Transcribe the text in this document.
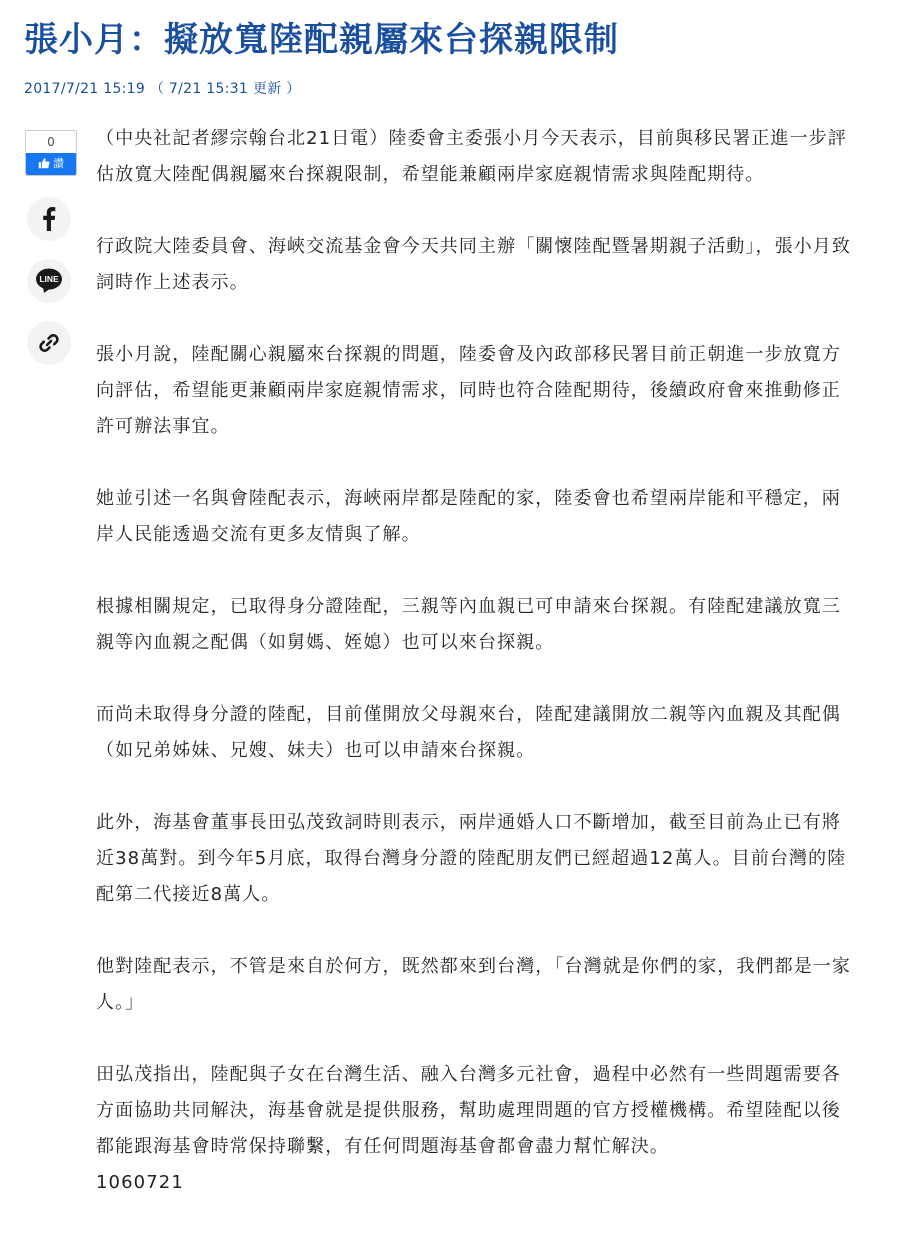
張小月：擬放寬陸配親屬來台探親限制
2017/7/21 15:19 （ 7/21 15:31 更新 ）
0
讚
LINE

（中央社記者繆宗翰台北21日電）陸委會主委張小月今天表示，目前與移民署正進一步評估放寬大陸配偶親屬來台探親限制，希望能兼顧兩岸家庭親情需求與陸配期待。

行政院大陸委員會、海峽交流基金會今天共同主辦「關懷陸配暨暑期親子活動」，張小月致詞時作上述表示。

張小月說，陸配關心親屬來台探親的問題，陸委會及內政部移民署目前正朝進一步放寬方向評估，希望能更兼顧兩岸家庭親情需求，同時也符合陸配期待，後續政府會來推動修正許可辦法事宜。

她並引述一名與會陸配表示，海峽兩岸都是陸配的家，陸委會也希望兩岸能和平穩定，兩岸人民能透過交流有更多友情與了解。

根據相關規定，已取得身分證陸配，三親等內血親已可申請來台探親。有陸配建議放寬三親等內血親之配偶（如舅媽、姪媳）也可以來台探親。

而尚未取得身分證的陸配，目前僅開放父母親來台，陸配建議開放二親等內血親及其配偶（如兄弟姊妹、兄嫂、妹夫）也可以申請來台探親。

此外，海基會董事長田弘茂致詞時則表示，兩岸通婚人口不斷增加，截至目前為止已有將近38萬對。到今年5月底，取得台灣身分證的陸配朋友們已經超過12萬人。目前台灣的陸配第二代接近8萬人。

他對陸配表示，不管是來自於何方，既然都來到台灣，「台灣就是你們的家，我們都是一家人。」

田弘茂指出，陸配與子女在台灣生活、融入台灣多元社會，過程中必然有一些問題需要各方面協助共同解決，海基會就是提供服務，幫助處理問題的官方授權機構。希望陸配以後都能跟海基會時常保持聯繫，有任何問題海基會都會盡力幫忙解決。

1060721
